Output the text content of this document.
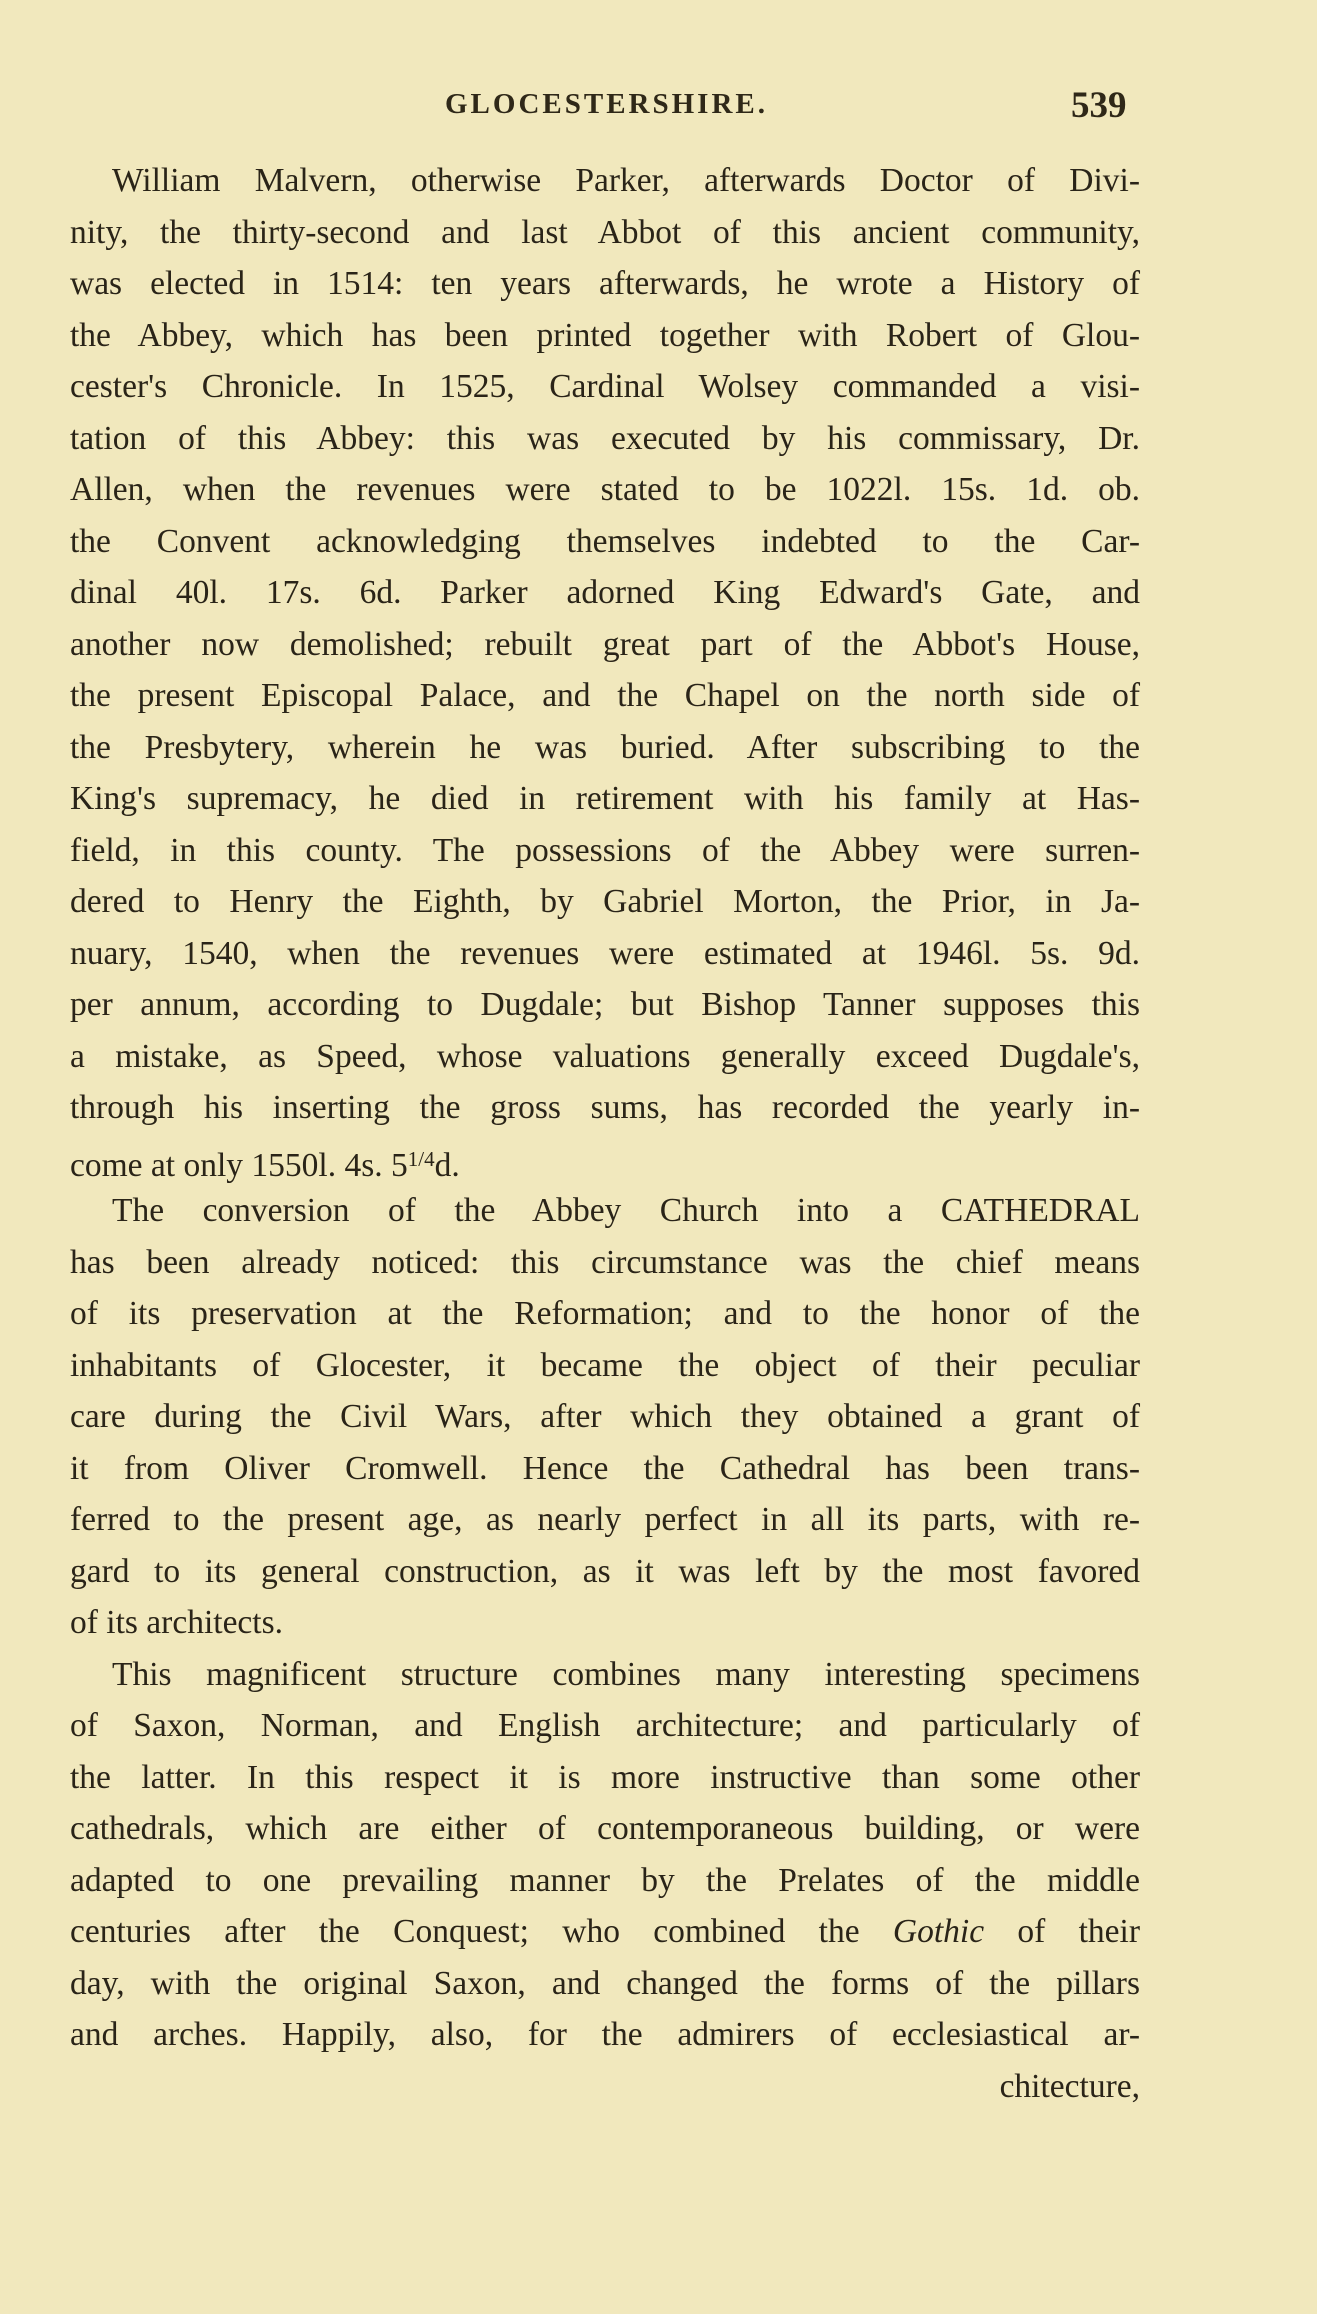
GLOCESTERSHIRE.	539
William Malvern, otherwise Parker, afterwards Doctor of Divi-
nity, the thirty-second and last Abbot of this ancient community,
was elected in 1514: ten years afterwards, he wrote a History of
the Abbey, which has been printed together with Robert of Glou-
cester's Chronicle. In 1525, Cardinal Wolsey commanded a visi-
tation of this Abbey: this was executed by his commissary, Dr.
Allen, when the revenues were stated to be 1022l. 15s. 1d. ob.
the Convent acknowledging themselves indebted to the Car-
dinal 40l. 17s. 6d. Parker adorned King Edward's Gate, and
another now demolished; rebuilt great part of the Abbot's House,
the present Episcopal Palace, and the Chapel on the north side of
the Presbytery, wherein he was buried. After subscribing to the
King's supremacy, he died in retirement with his family at Has-
field, in this county. The possessions of the Abbey were surren-
dered to Henry the Eighth, by Gabriel Morton, the Prior, in Ja-
nuary, 1540, when the revenues were estimated at 1946l. 5s. 9d.
per annum, according to Dugdale; but Bishop Tanner supposes this
a mistake, as Speed, whose valuations generally exceed Dugdale's,
through his inserting the gross sums, has recorded the yearly in-
come at only 1550l. 4s. $5^{1/4}d$.
The conversion of the Abbey Church into a CATHEDRAL
has been already noticed: this circumstance was the chief means
of its preservation at the Reformation; and to the honor of the
inhabitants of Glocester, it became the object of their peculiar
care during the Civil Wars, after which they obtained a grant of
it from Oliver Cromwell. Hence the Cathedral has been trans-
ferred to the present age, as nearly perfect in all its parts, with re-
gard to its general construction, as it was left by the most favored
of its architects.
This magnificent structure combines many interesting specimens
of Saxon, Norman, and English architecture; and particularly of
the latter. In this respect it is more instructive than some other
cathedrals, which are either of contemporaneous building, or were
adapted to one prevailing manner by the Prelates of the middle
centuries after the Conquest; who combined the Gothic of their
day, with the original Saxon, and changed the forms of the pillars
and arches. Happily, also, for the admirers of ecclesiastical ar-
chitecture,
